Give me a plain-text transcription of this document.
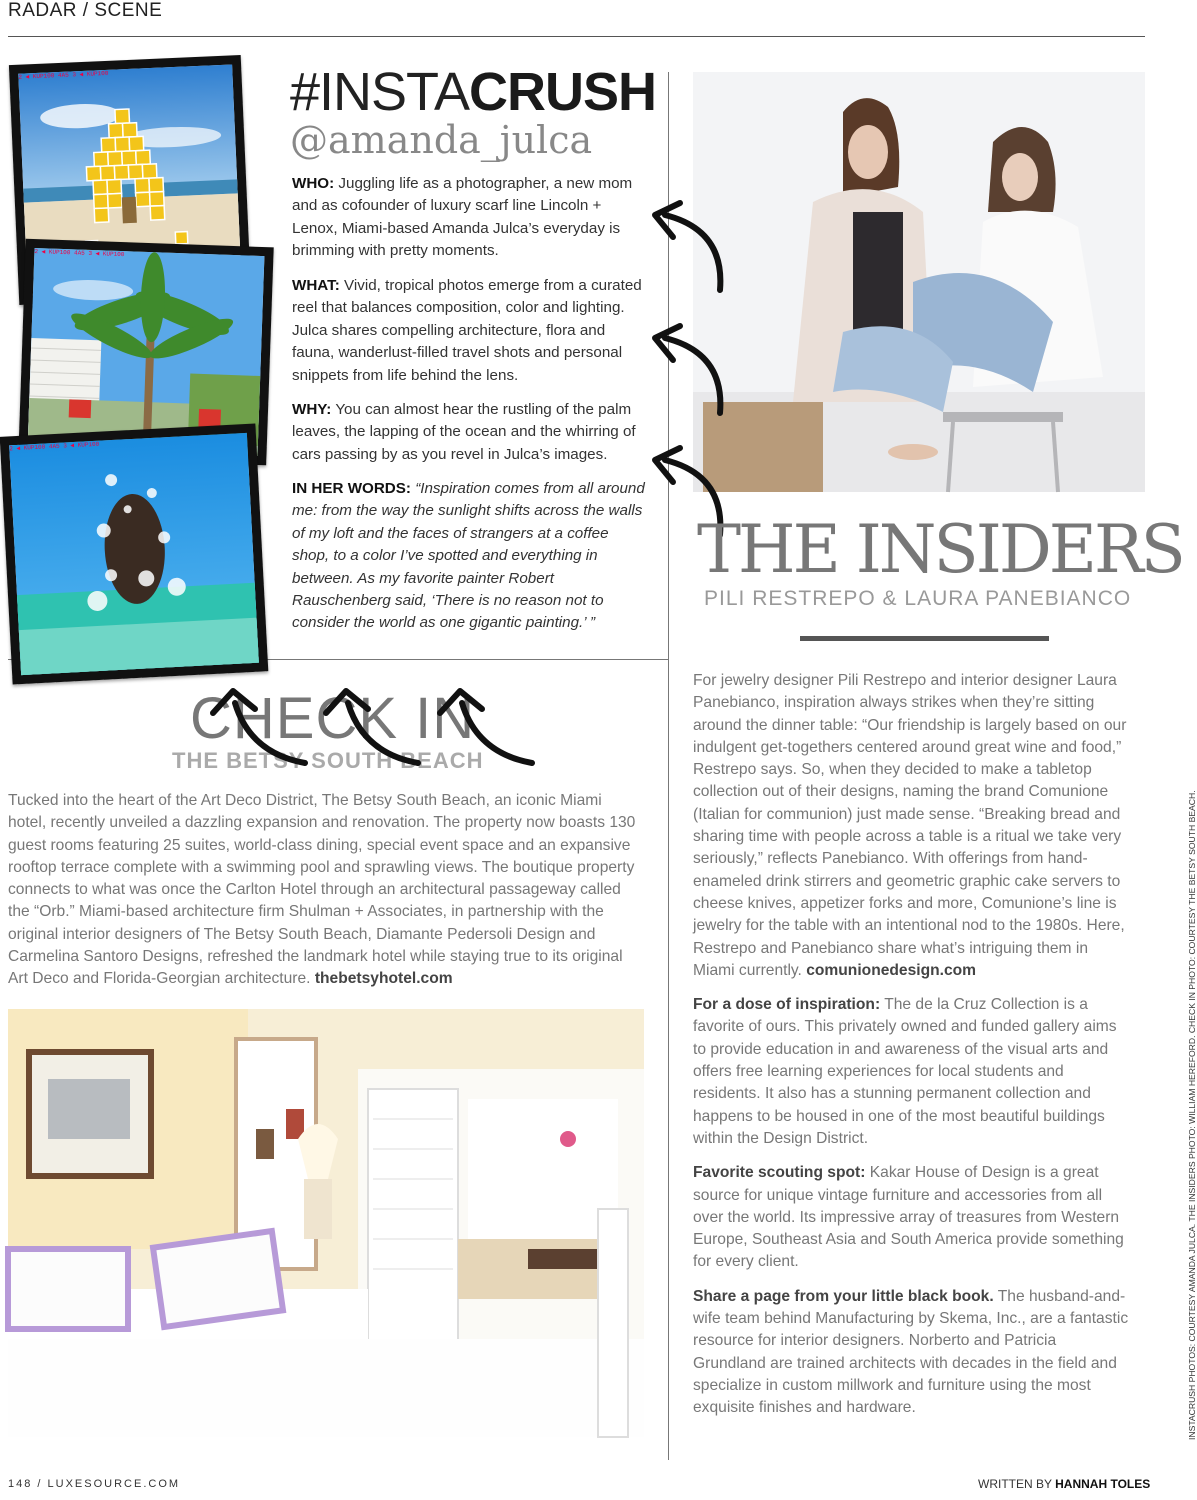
RADAR / SCENE
2 ◀ KUP100 4A5 3 ◀ KUP100
2 ◀ KUP100 4A5 3 ◀ KUP100
2 ◀ KUP100 4A5 3 ◀ KUP100
#INSTACRUSH
@amanda_julca
WHO: Juggling life as a photographer, a new mom and as cofounder of luxury scarf line Lincoln + Lenox, Miami-based Amanda Julca’s everyday is brimming with pretty moments.
WHAT: Vivid, tropical photos emerge from a curated reel that balances composition, color and lighting. Julca shares compelling architecture, flora and fauna, wanderlust-filled travel shots and personal snippets from life behind the lens.
WHY: You can almost hear the rustling of the palm leaves, the lapping of the ocean and the whirring of cars passing by as you revel in Julca’s images.
IN HER WORDS: “Inspiration comes from all around me: from the way the sunlight shifts across the walls of my loft and the faces of strangers at a coffee shop, to a color I’ve spotted and everything in between. As my favorite painter Robert Rauschenberg said, ‘There is no reason not to consider the world as one gigantic painting.’ ”
THE INSIDERS
PILI RESTREPO & LAURA PANEBIANCO
CHECK IN
THE BETSY SOUTH BEACH
Tucked into the heart of the Art Deco District, The Betsy South Beach, an iconic Miami hotel, recently unveiled a dazzling expansion and renovation. The property now boasts 130 guest rooms featuring 25 suites, world-class dining, special event space and an expansive rooftop terrace complete with a swimming pool and sprawling views. The boutique property connects to what was once the Carlton Hotel through an architectural passageway called the “Orb.” Miami-based architecture firm Shulman + Associates, in partnership with the original interior designers of The Betsy South Beach, Diamante Pedersoli Design and Carmelina Santoro Designs, refreshed the landmark hotel while staying true to its original Art Deco and Florida-Georgian architecture. thebetsyhotel.com

For jewelry designer Pili Restrepo and interior designer Laura Panebianco, inspiration always strikes when they’re sitting around the dinner table: “Our friendship is largely based on our indulgent get-togethers centered around great wine and food,” Restrepo says. So, when they decided to make a tabletop collection out of their designs, naming the brand Comunione (Italian for communion) just made sense. “Breaking bread and sharing time with people across a table is a ritual we take very seriously,” reflects Panebianco. With offerings from hand-enameled drink stirrers and geometric graphic cake servers to cheese knives, appetizer forks and more, Comunione’s line is jewelry for the table with an intentional nod to the 1980s. Here, Restrepo and Panebianco share what’s intriguing them in Miami currently. comunionedesign.com

For a dose of inspiration: The de la Cruz Collection is a favorite of ours. This privately owned and funded gallery aims to provide education in and awareness of the visual arts and offers free learning experiences for local students and residents. It also has a stunning permanent collection and happens to be housed in one of the most beautiful buildings within the Design District.

Favorite scouting spot: Kakar House of Design is a great source for unique vintage furniture and accessories from all over the world. Its impressive array of treasures from Western Europe, Southeast Asia and South America provide something for every client.

Share a page from your little black book. The husband-and-wife team behind Manufacturing by Skema, Inc., are a fantastic resource for interior designers. Norberto and Patricia Grundland are trained architects with decades in the field and specialize in custom millwork and furniture using the most exquisite finishes and hardware.	INSTACRUSH PHOTOS: COURTESY AMANDA JULCA. THE INSIDERS PHOTO: WILLIAM HEREFORD. CHECK IN PHOTO: COURTESY THE BETSY SOUTH BEACH.
148 / LUXESOURCE.COM	WRITTEN BY HANNAH TOLES
